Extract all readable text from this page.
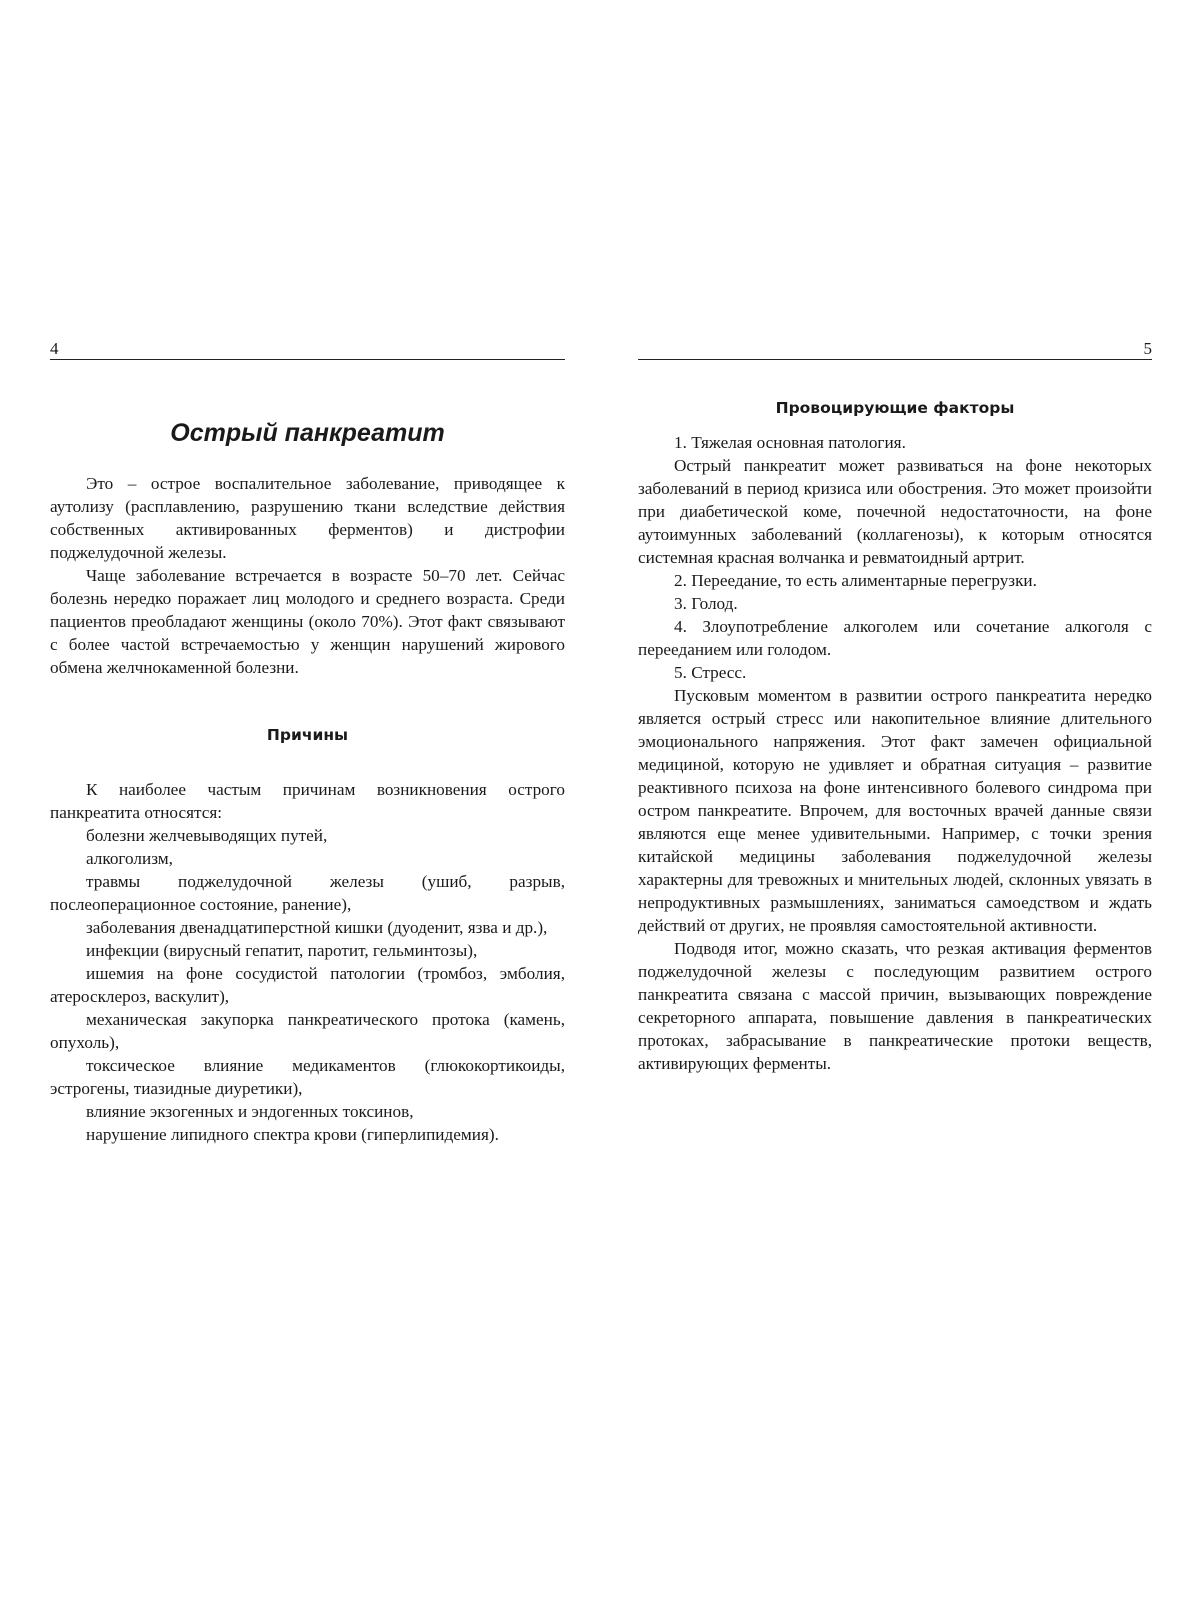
4
Острый панкреатит

Это – острое воспалительное заболевание, приводящее к аутолизу (расплавлению, разрушению ткани вследствие действия собственных активированных ферментов) и дистрофии поджелудочной железы.

Чаще заболевание встречается в возрасте 50–70 лет. Сейчас болезнь нередко поражает лиц молодого и среднего возраста. Среди пациентов преобладают женщины (около 70%). Этот факт связывают с более частой встречаемостью у женщин нарушений жирового обмена желчнокаменной болезни.

Причины

К наиболее частым причинам возникновения острого панкреатита относятся:

болезни желчевыводящих путей,

алкоголизм,

травмы поджелудочной железы (ушиб, разрыв, послеоперационное состояние, ранение),

заболевания двенадцатиперстной кишки (дуоденит, язва и др.),

инфекции (вирусный гепатит, паротит, гельминтозы),

ишемия на фоне сосудистой патологии (тромбоз, эмболия, атеросклероз, васкулит),

механическая закупорка панкреатического протока (камень, опухоль),

токсическое влияние медикаментов (глюкокортикоиды, эстрогены, тиазидные диуретики),

влияние экзогенных и эндогенных токсинов,

нарушение липидного спектра крови (гиперлипидемия).

5
Провоцирующие факторы

1. Тяжелая основная патология.

Острый панкреатит может развиваться на фоне некоторых заболеваний в период кризиса или обострения. Это может произойти при диабетической коме, почечной недостаточности, на фоне аутоимунных заболеваний (коллагенозы), к которым относятся системная красная волчанка и ревматоидный артрит.

2. Переедание, то есть алиментарные перегрузки.

3. Голод.

4. Злоупотребление алкоголем или сочетание алкоголя с перееданием или голодом.

5. Стресс.

Пусковым моментом в развитии острого панкреатита нередко является острый стресс или накопительное влияние длительного эмоционального напряжения. Этот факт замечен официальной медициной, которую не удивляет и обратная ситуация – развитие реактивного психоза на фоне интенсивного болевого синдрома при остром панкреатите. Впрочем, для восточных врачей данные связи являются еще менее удивительными. Например, с точки зрения китайской медицины заболевания поджелудочной железы характерны для тревожных и мнительных людей, склонных увязать в непродуктивных размышлениях, заниматься самоедством и ждать действий от других, не проявляя самостоятельной активности.

Подводя итог, можно сказать, что резкая активация ферментов поджелудочной железы с последующим развитием острого панкреатита связана с массой причин, вызывающих повреждение секреторного аппарата, повышение давления в панкреатических протоках, забрасывание в панкреатические протоки веществ, активирующих ферменты.
